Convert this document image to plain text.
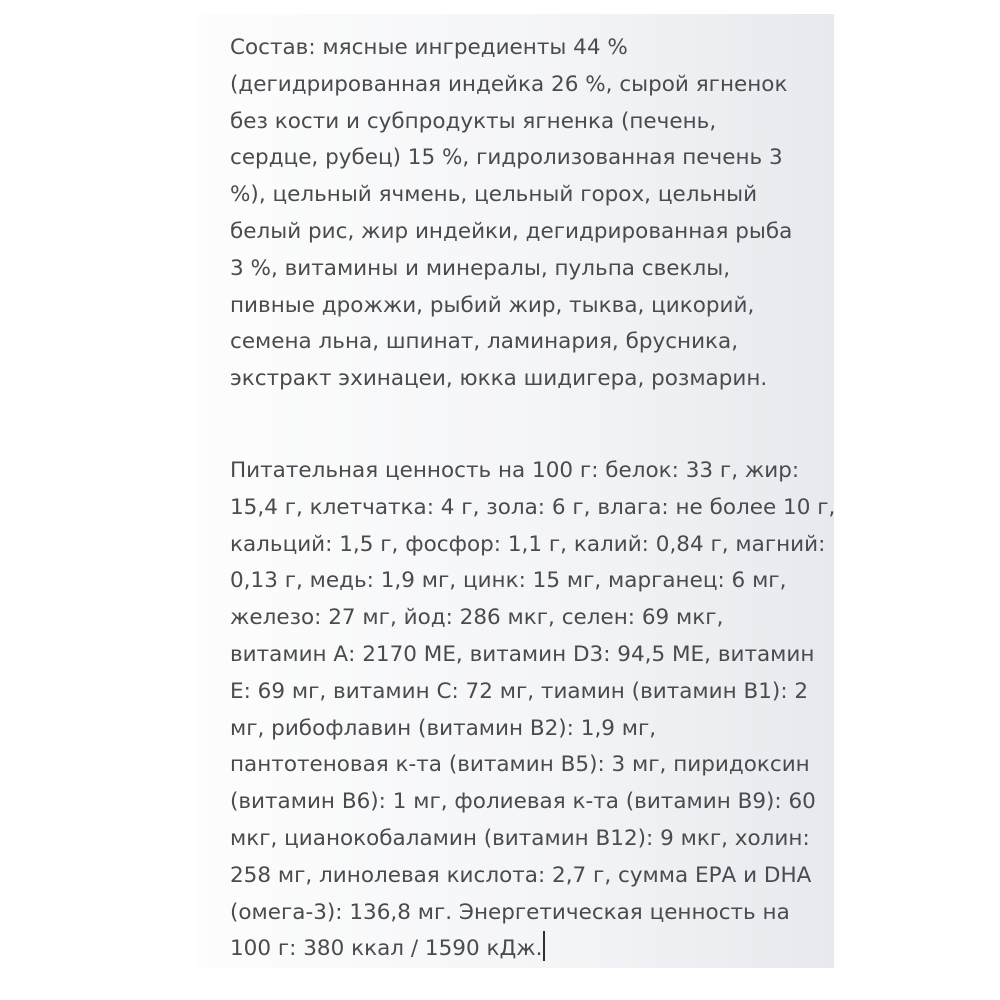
Состав: мясные ингредиенты 44 %
(дегидрированная индейка 26 %, сырой ягненок
без кости и субпродукты ягненка (печень,
сердце, рубец) 15 %, гидролизованная печень 3
%), цельный ячмень, цельный горох, цельный
белый рис, жир индейки, дегидрированная рыба
3 %, витамины и минералы, пульпа свеклы,
пивные дрожжи, рыбий жир, тыква, цикорий,
семена льна, шпинат, ламинария, брусника,
экстракт эхинацеи, юкка шидигера, розмарин.
Питательная ценность на 100 г: белок: 33 г, жир:
15,4 г, клетчатка: 4 г, зола: 6 г, влага: не более 10 г,
кальций: 1,5 г, фосфор: 1,1 г, калий: 0,84 г, магний:
0,13 г, медь: 1,9 мг, цинк: 15 мг, марганец: 6 мг,
железо: 27 мг, йод: 286 мкг, селен: 69 мкг,
витамин А: 2170 МЕ, витамин D3: 94,5 МЕ, витамин
Е: 69 мг, витамин С: 72 мг, тиамин (витамин В1): 2
мг, рибофлавин (витамин В2): 1,9 мг,
пантотеновая к-та (витамин В5): 3 мг, пиридоксин
(витамин В6): 1 мг, фолиевая к-та (витамин В9): 60
мкг, цианокобаламин (витамин В12): 9 мкг, холин:
258 мг, линолевая кислота: 2,7 г, сумма ЕРА и DHA
(омега-3): 136,8 мг. Энергетическая ценность на
100 г: 380 ккал / 1590 кДж.
